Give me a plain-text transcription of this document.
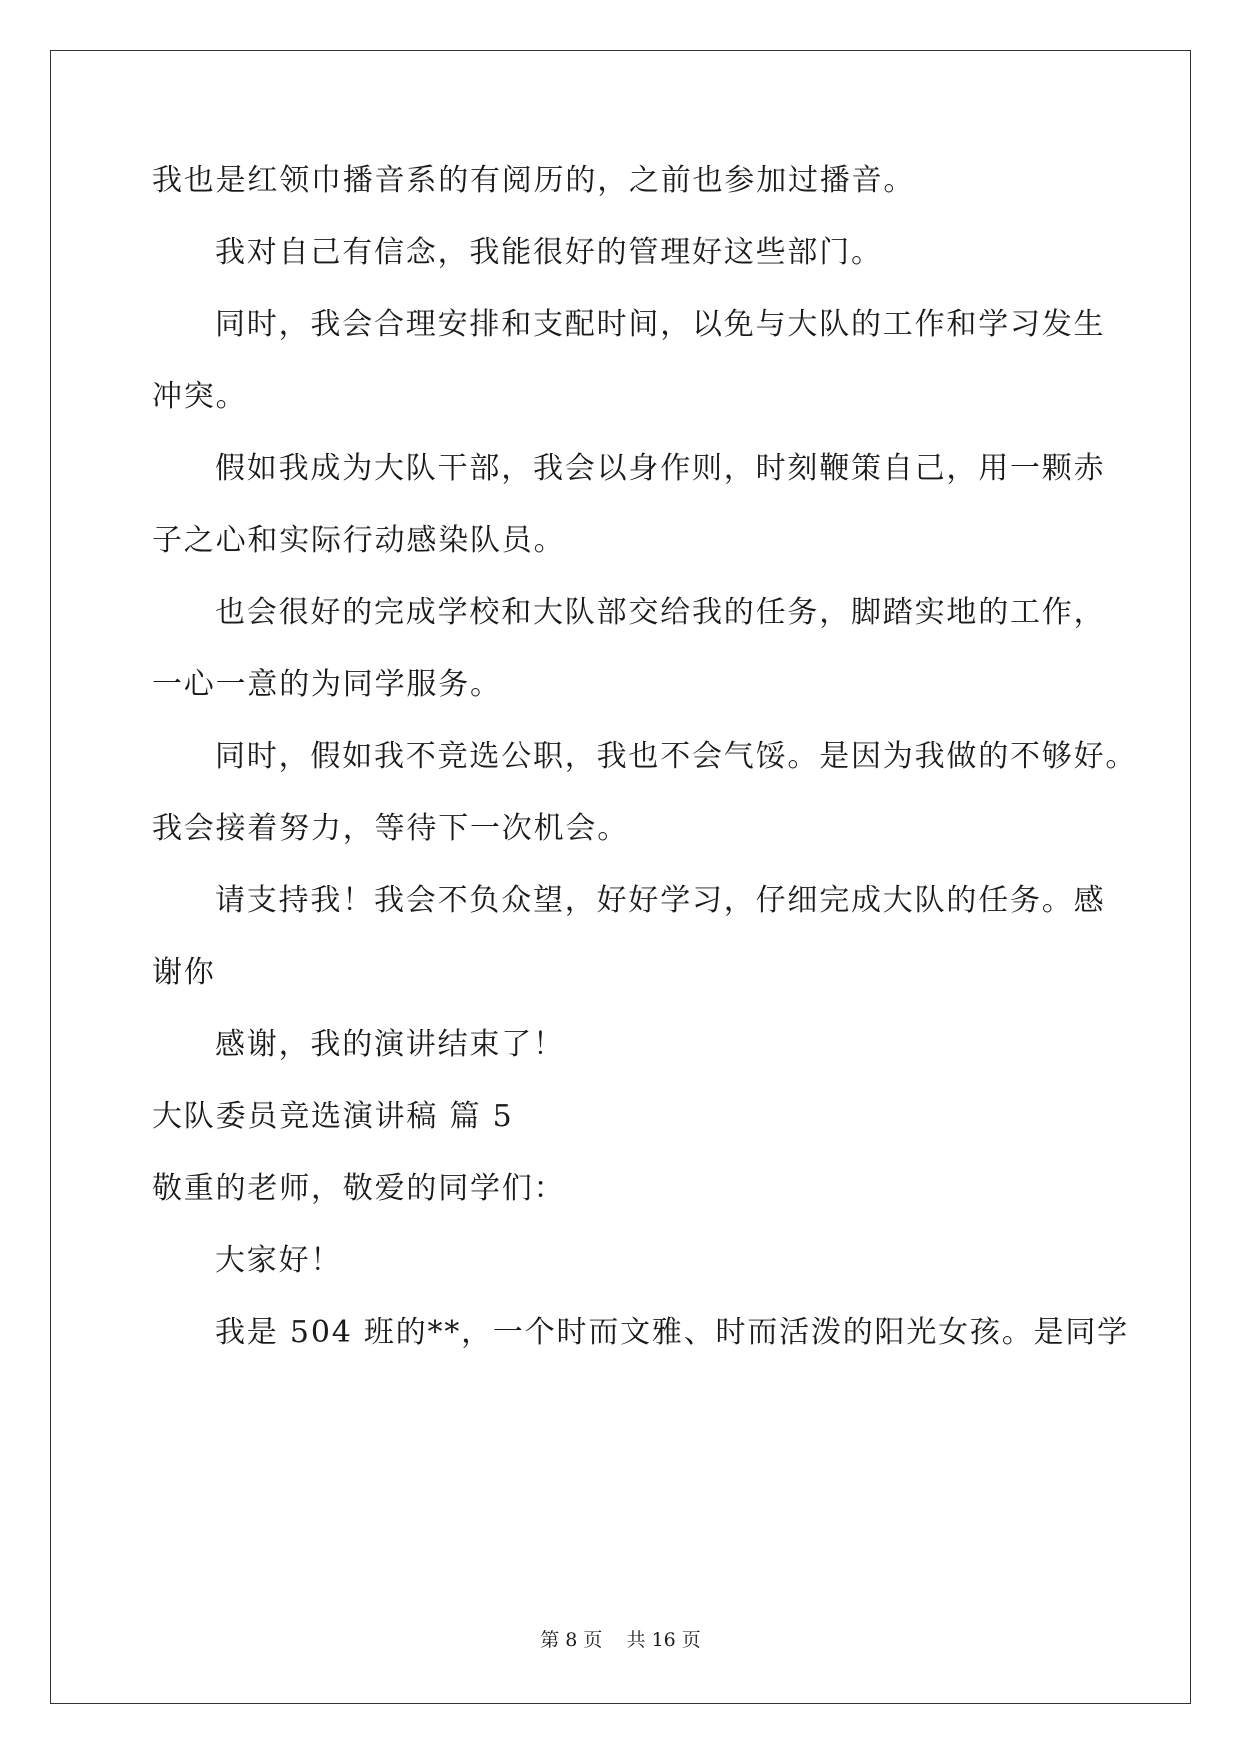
我也是红领巾播音系的有阅历的，之前也参加过播音。
我对自己有信念，我能很好的管理好这些部门。
同时，我会合理安排和支配时间，以免与大队的工作和学习发生
冲突。
假如我成为大队干部，我会以身作则，时刻鞭策自己，用一颗赤
子之心和实际行动感染队员。
也会很好的完成学校和大队部交给我的任务，脚踏实地的工作，
一心一意的为同学服务。
同时，假如我不竞选公职，我也不会气馁。是因为我做的不够好。
我会接着努力，等待下一次机会。
请支持我！我会不负众望，好好学习，仔细完成大队的任务。感
谢你
感谢，我的演讲结束了！
大队委员竞选演讲稿 篇 5
敬重的老师，敬爱的同学们：
大家好！
我是 504 班的**，一个时而文雅、时而活泼的阳光女孩。是同学
第 8 页    共 16 页
